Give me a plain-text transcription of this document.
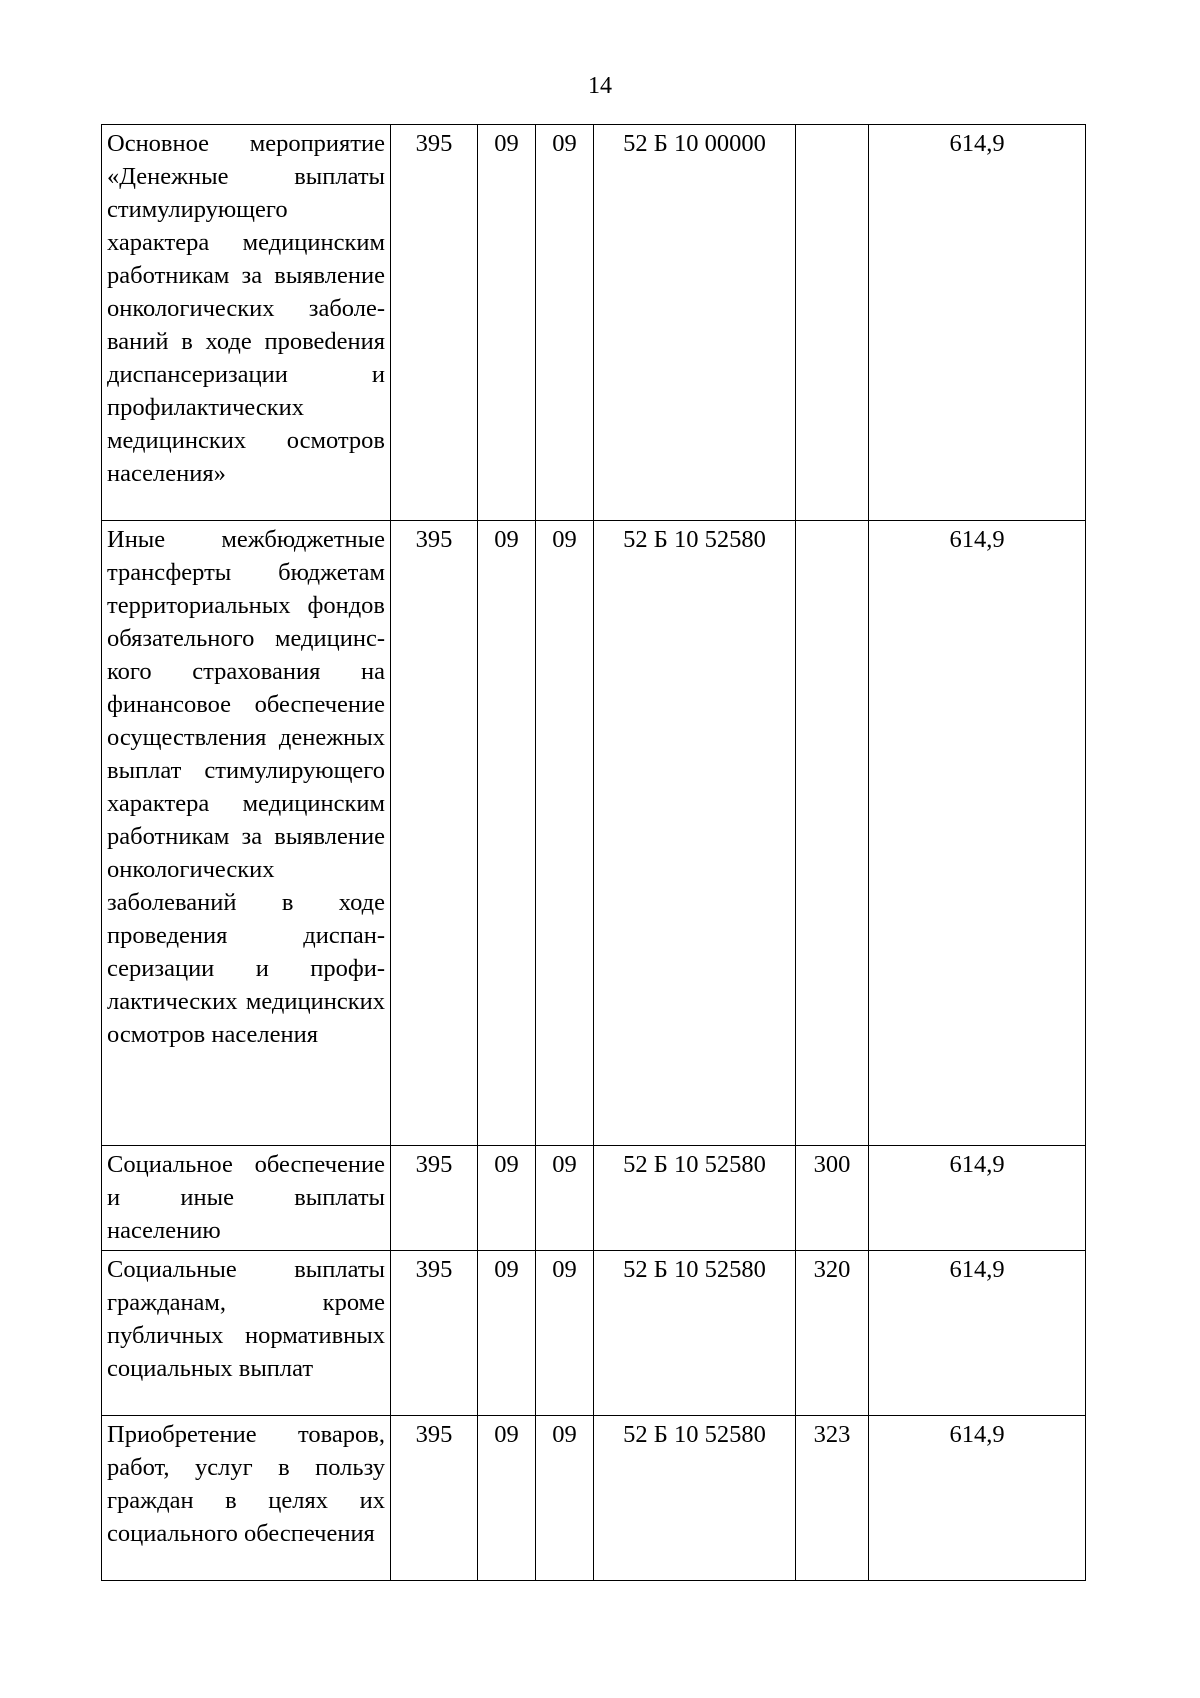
14
Основное мероприятие «Денежные выплаты стимулирующего характера медицинским работникам за выявление онкологических заболеваний в ходе провеdения диспансеризации и профилактических медицинских осмотров населения»	395	09	09	52 Б 10 00000		614,9
Иные межбюджетные трансферты бюджетам территориальных фондов обязательного медицинского страхования на финансовое обеспечение осуществления денежных выплат стимулирующего характера медицинским работникам за выявление онкологических заболеваний в ходе проведения диспансеризации и профилактических медицинских осмотров населения	395	09	09	52 Б 10 52580		614,9
Социальное обеспечение и иные выплаты населению	395	09	09	52 Б 10 52580	300	614,9
Социальные выплаты гражданам, кроме публичных нормативных социальных выплат	395	09	09	52 Б 10 52580	320	614,9
Приобретение товаров, работ, услуг в пользу граждан в целях их социального обеспечения	395	09	09	52 Б 10 52580	323	614,9
